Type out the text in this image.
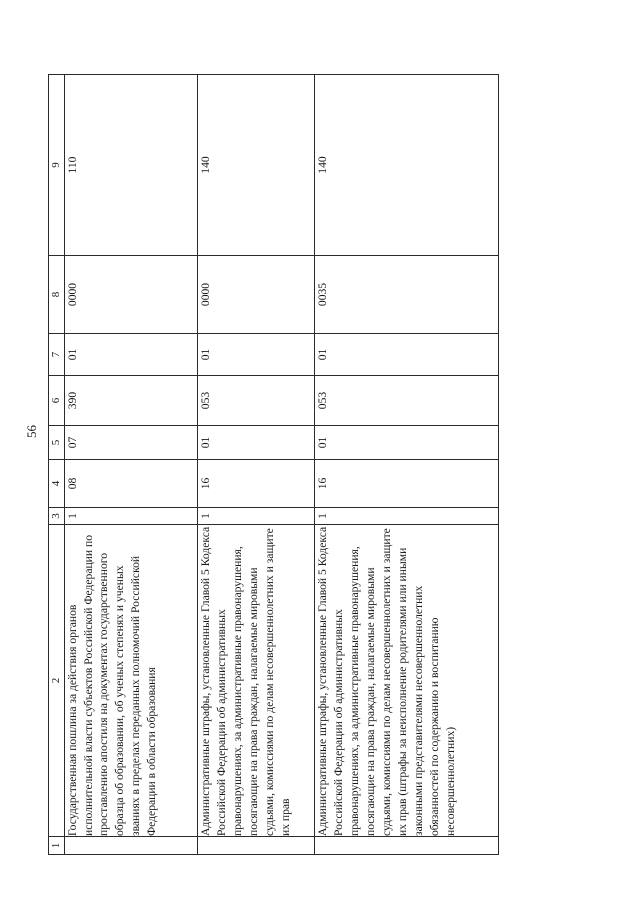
56
1	2	3	4	5	6	7	8	9
	Государственная пошлина за действия органов исполнительной власти субъектов Российской Федерации по проставлению апостиля на документах государственного образца об образовании, об ученых степенях и ученых званиях в пределах переданных полномочий Российской Федерации в области образования	1	08	07	390	01	0000	110
	Административные штрафы, установленные Главой 5 Кодекса Российской Федерации об административных правонарушениях, за административные правонарушения, посягающие на права граждан, налагаемые мировыми судьями, комиссиями по делам несовершеннолетних и защите их прав	1	16	01	053	01	0000	140
	Административные штрафы, установленные Главой 5 Кодекса Российской Федерации об административных правонарушениях, за административные правонарушения, посягающие на права граждан, налагаемые мировыми судьями, комиссиями по делам несовершеннолетних и защите их прав (штрафы за неисполнение родителями или иными законными представителями несовершеннолетних обязанностей по содержанию и воспитанию несовершеннолетних)	1	16	01	053	01	0035	140
